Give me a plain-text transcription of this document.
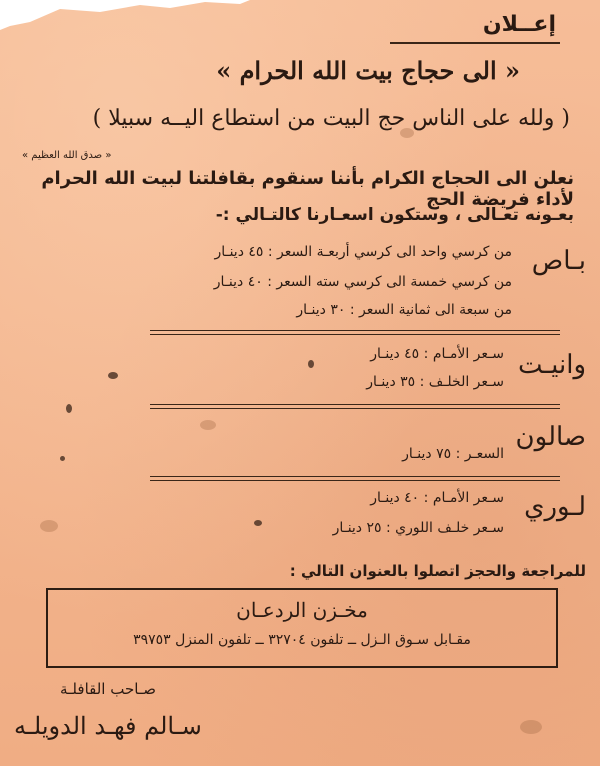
إعــلان
« الى حجاج بيت الله الحرام »
( ولله على الناس حج البيت من استطاع اليــه سبيلا )
« صدق الله العظيم »
نعلن الى الحجاج الكرام بأننا سنقوم بقافلتنا لبيت الله الحرام لأداء فريضة الحج
بعـونه تعـالى ، وستكون اسعـارنا كالتـالي :-
بـاص
من كرسي واحد الى كرسي أربعـة السعر : ٤٥ دينـار
من كرسي خمسة الى كرسي سته السعر : ٤٠ دينـار
من سبعة الى ثمانية السعر : ٣٠ دينـار
وانيـت
سـعر الأمـام : ٤٥ دينـار
سـعر الخلـف : ٣٥ دينـار
صالون
السعـر : ٧٥ دينـار
لـوري
سـعر الأمـام : ٤٠ دينـار
سـعر خلـف اللوري : ٢٥ دينـار
للمراجعة والحجز اتصلوا بالعنوان التالي :
مخـزن الردعـان
مقـابل سـوق الـزل ــ تلفون ٣٢٧٠٤ ــ تلفون المنزل ٣٩٧٥٣
صـاحب القافلـة
سـالم فهـد الدويلـه
